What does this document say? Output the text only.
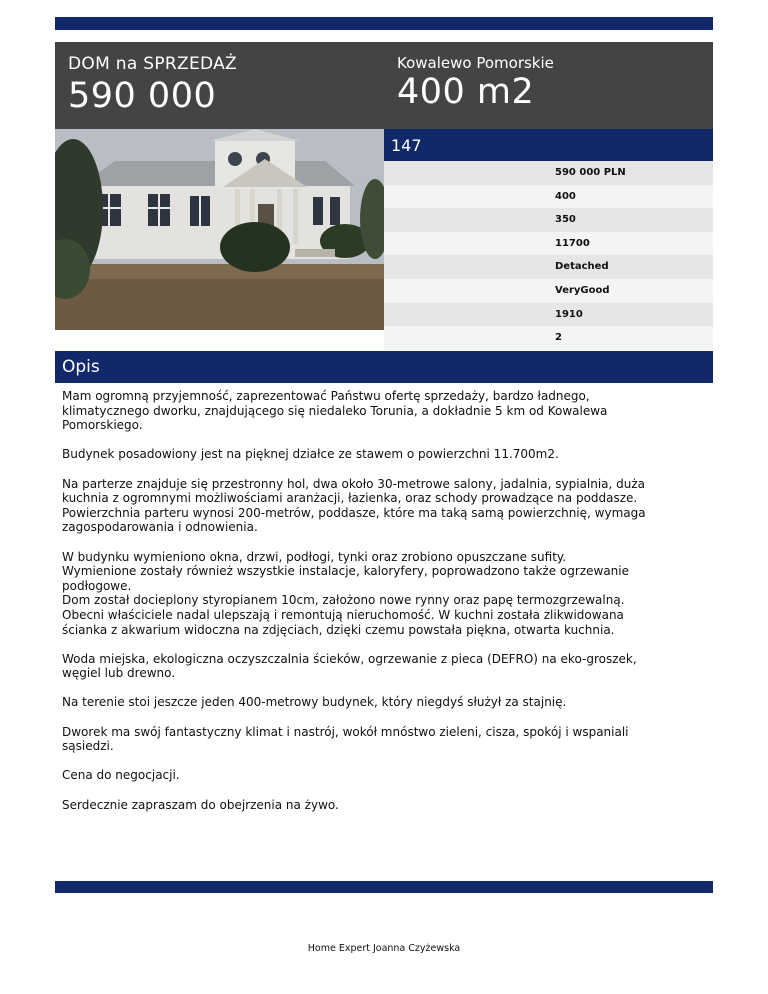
DOM na SPRZEDAŻ
590 000
Kowalewo Pomorskie
400 m2
147
590 000 PLN
400
350
11700
Detached
VeryGood
1910
2
Opis

Mam ogromną przyjemność, zaprezentować Państwu ofertę sprzedaży, bardzo ładnego,
klimatycznego dworku, znajdującego się niedaleko Torunia, a dokładnie 5 km od Kowalewa
Pomorskiego.

Budynek posadowiony jest na pięknej działce ze stawem o powierzchni 11.700m2.

Na parterze znajduje się przestronny hol, dwa około 30-metrowe salony, jadalnia, sypialnia, duża
kuchnia z ogromnymi możliwościami aranżacji, łazienka, oraz schody prowadzące na poddasze.
Powierzchnia parteru wynosi 200-metrów, poddasze, które ma taką samą powierzchnię, wymaga
zagospodarowania i odnowienia.

W budynku wymieniono okna, drzwi, podłogi, tynki oraz zrobiono opuszczane sufity.
Wymienione zostały również wszystkie instalacje, kaloryfery, poprowadzono także ogrzewanie
podłogowe.
Dom został docieplony styropianem 10cm, założono nowe rynny oraz papę termozgrzewalną.
Obecni właściciele nadal ulepszają i remontują nieruchomość. W kuchni została zlikwidowana
ścianka z akwarium widoczna na zdjęciach, dzięki czemu powstała piękna, otwarta kuchnia.

Woda miejska, ekologiczna oczyszczalnia ścieków, ogrzewanie z pieca (DEFRO) na eko-groszek,
węgiel lub drewno.

Na terenie stoi jeszcze jeden 400-metrowy budynek, który niegdyś służył za stajnię.

Dworek ma swój fantastyczny klimat i nastrój, wokół mnóstwo zieleni, cisza, spokój i wspaniali
sąsiedzi.

Cena do negocjacji.

Serdecznie zapraszam do obejrzenia na żywo.

Home Expert Joanna Czyżewska
